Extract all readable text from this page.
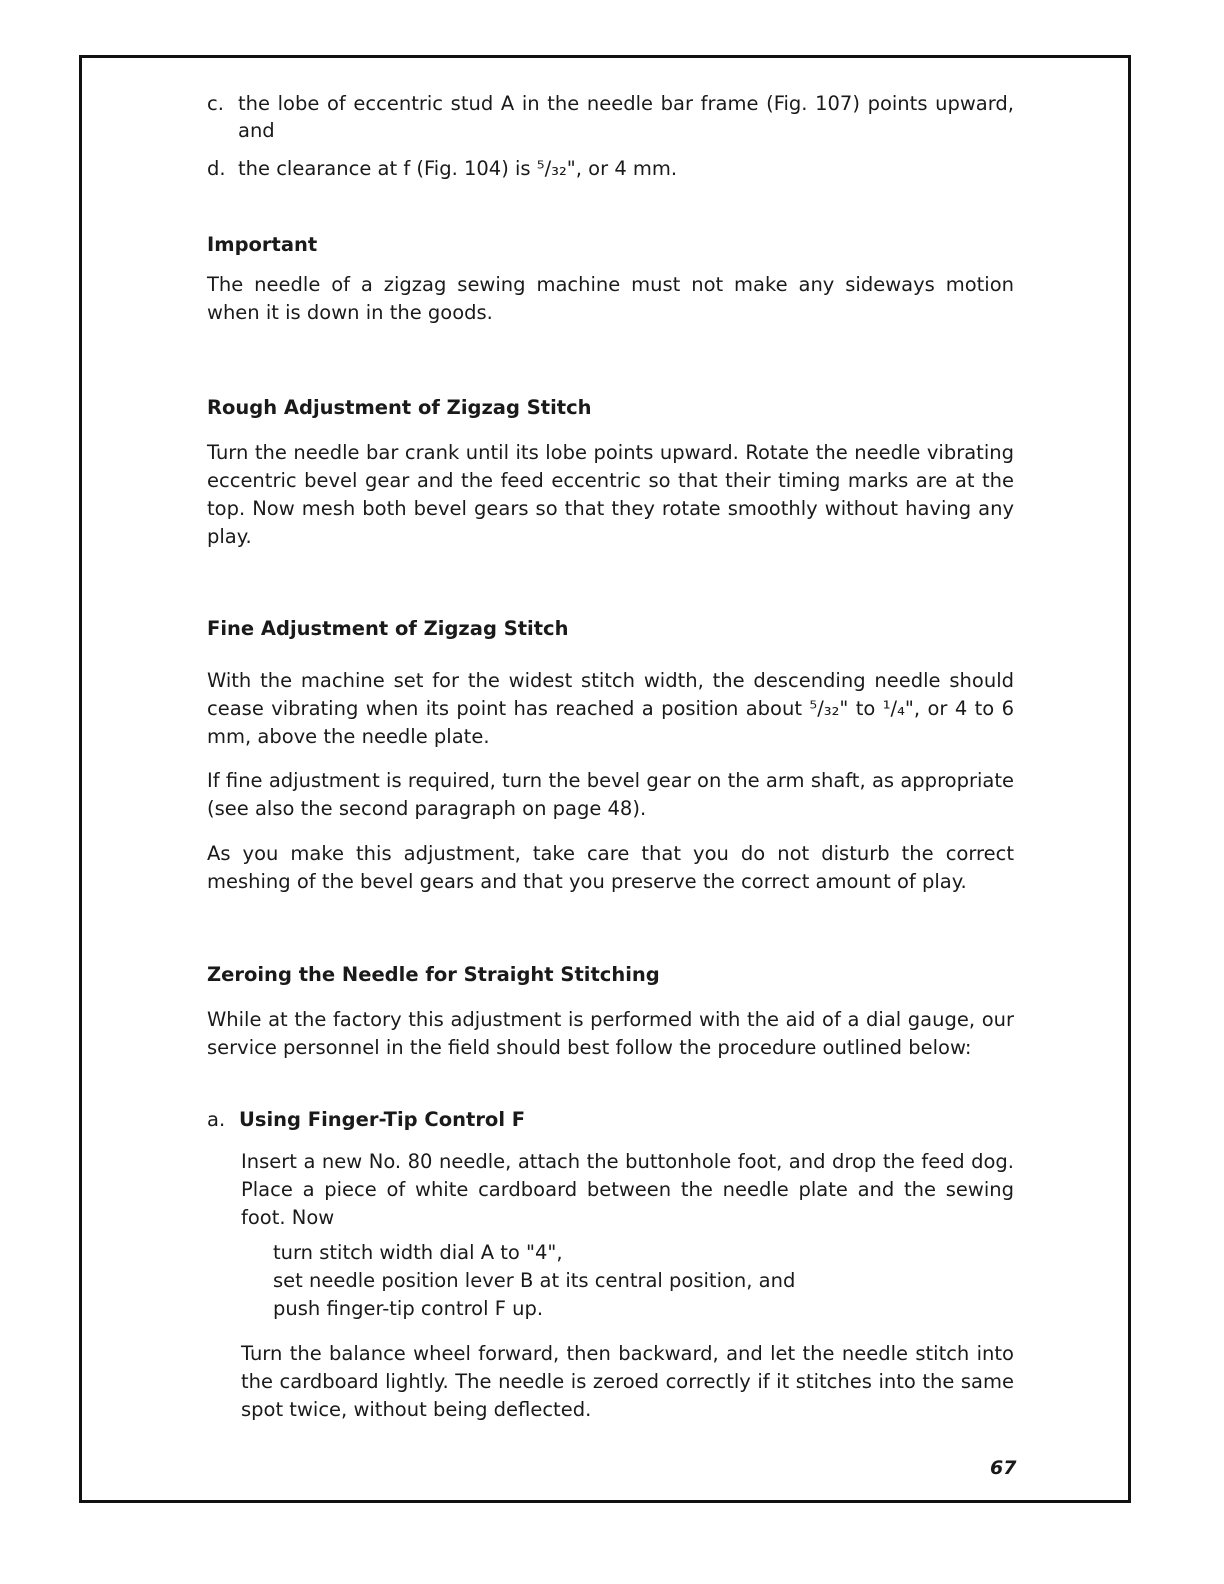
c. the lobe of eccentric stud A in the needle bar frame (Fig. 107) points upward, and
d. the clearance at f (Fig. 104) is ⁵/₃₂", or 4 mm.
Important

The needle of a zigzag sewing machine must not make any sideways motion when it is down in the goods.

Rough Adjustment of Zigzag Stitch

Turn the needle bar crank until its lobe points upward. Rotate the needle vibrating eccentric bevel gear and the feed eccentric so that their timing marks are at the top. Now mesh both bevel gears so that they rotate smoothly without having any play.

Fine Adjustment of Zigzag Stitch

With the machine set for the widest stitch width, the descending needle should cease vibrating when its point has reached a position about ⁵/₃₂" to ¹/₄", or 4 to 6 mm, above the needle plate.

If fine adjustment is required, turn the bevel gear on the arm shaft, as appropriate (see also the second paragraph on page 48).

As you make this adjustment, take care that you do not disturb the correct meshing of the bevel gears and that you preserve the correct amount of play.

Zeroing the Needle for Straight Stitching

While at the factory this adjustment is performed with the aid of a dial gauge, our service personnel in the field should best follow the procedure outlined below:

a. Using Finger-Tip Control F

Insert a new No. 80 needle, attach the buttonhole foot, and drop the feed dog. Place a piece of white cardboard between the needle plate and the sewing foot. Now

turn stitch width dial A to "4",
set needle position lever B at its central position, and
push finger-tip control F up.

Turn the balance wheel forward, then backward, and let the needle stitch into the cardboard lightly. The needle is zeroed correctly if it stitches into the same spot twice, without being deflected.

67
